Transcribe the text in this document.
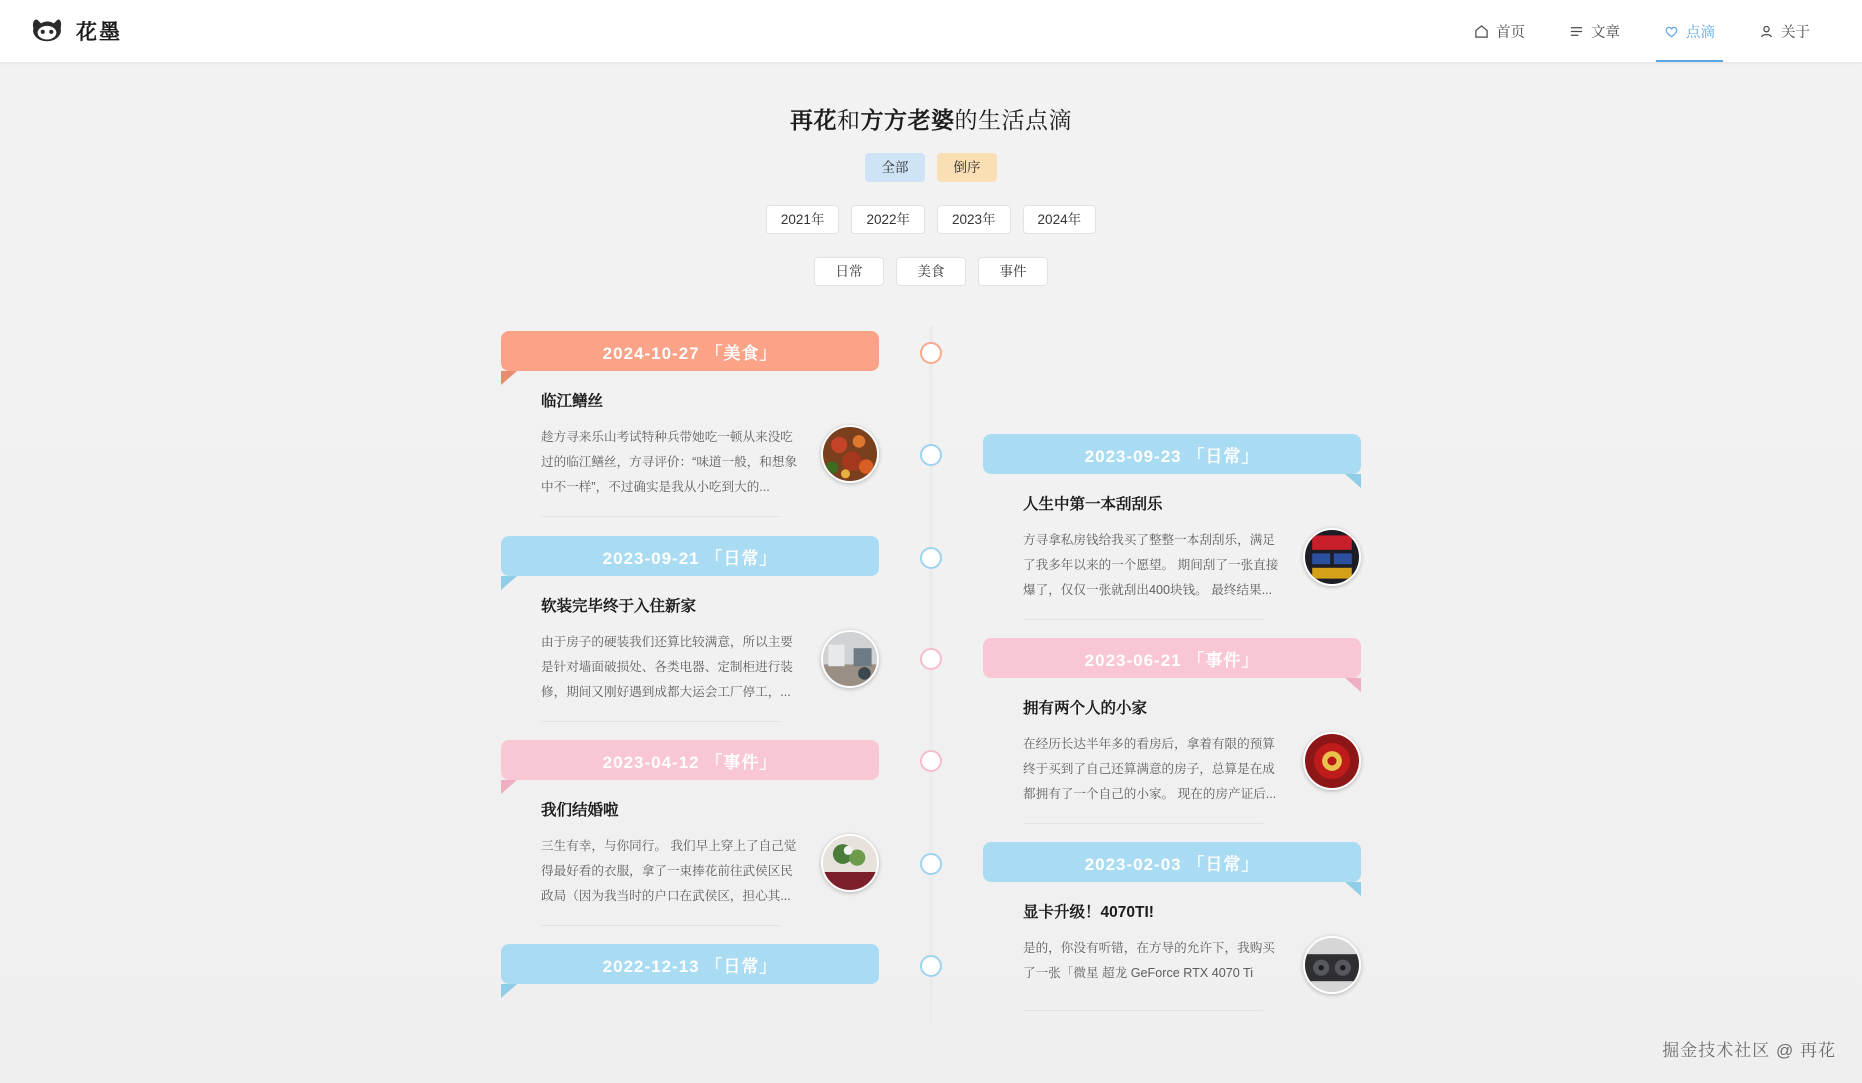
花墨	首页	文章	点滴	关于
再花和方方老婆的生活点滴
全部	倒序
2021年	2022年	2023年	2024年
日常	美食	事件
2024-10-27 「美食」
临江鳝丝
趁方寻来乐山考试特种兵带她吃一顿从来没吃过的临江鳝丝，方寻评价：“味道一般，和想象中不一样”，不过确实是我从小吃到大的...
2023-09-23 「日常」
人生中第一本刮刮乐
方寻拿私房钱给我买了整整一本刮刮乐，满足了我多年以来的一个愿望。 期间刮了一张直接爆了，仅仅一张就刮出400块钱。 最终结果...
2023-09-21 「日常」
软装完毕终于入住新家
由于房子的硬装我们还算比较满意，所以主要是针对墙面破损处、各类电器、定制柜进行装修，期间又刚好遇到成都大运会工厂停工，...
2023-06-21 「事件」
拥有两个人的小家
在经历长达半年多的看房后，拿着有限的预算终于买到了自己还算满意的房子，总算是在成都拥有了一个自己的小家。 现在的房产证后...
2023-04-12 「事件」
我们结婚啦
三生有幸，与你同行。 我们早上穿上了自己觉得最好看的衣服，拿了一束捧花前往武侯区民政局（因为我当时的户口在武侯区，担心其...
2023-02-03 「日常」
显卡升级！4070TI!
是的，你没有听错，在方导的允许下，我购买了一张「微星 超龙 GeForce RTX 4070 Ti
2022-12-13 「日常」
掘金技术社区 @ 再花
